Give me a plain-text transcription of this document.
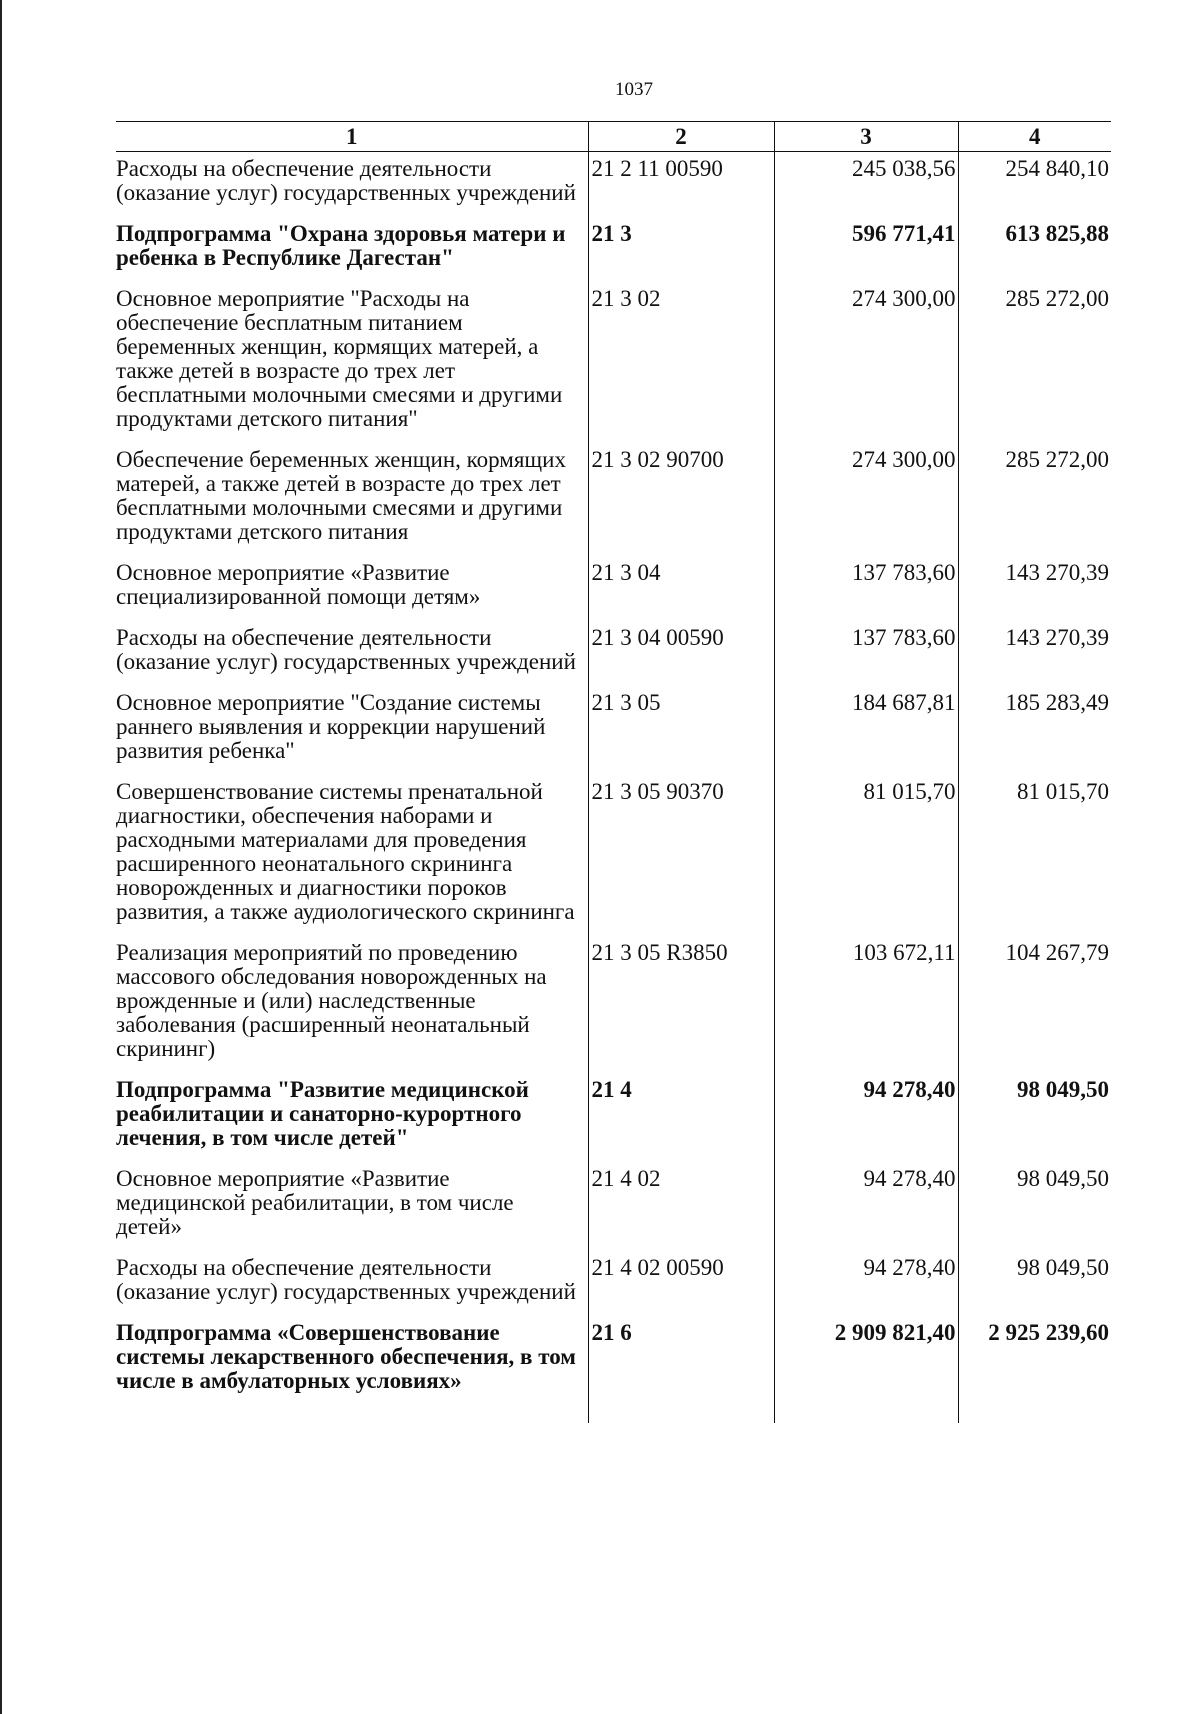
1037
1	2	3	4
Расходы на обеспечение деятельности (оказание услуг) государственных учреждений	21 2 11 00590	245 038,56	254 840,10
Подпрограмма "Охрана здоровья матери и ребенка в Республике Дагестан"	21 3	596 771,41	613 825,88
Основное мероприятие "Расходы на обеспечение бесплатным питанием беременных женщин, кормящих матерей, а также детей в возрасте до трех лет бесплатными молочными смесями и другими продуктами детского питания"	21 3 02	274 300,00	285 272,00
Обеспечение беременных женщин, кормящих матерей, а также детей в возрасте до трех лет бесплатными молочными смесями и другими продуктами детского питания	21 3 02 90700	274 300,00	285 272,00
Основное мероприятие «Развитие специализированной помощи детям»	21 3 04	137 783,60	143 270,39
Расходы на обеспечение деятельности (оказание услуг) государственных учреждений	21 3 04 00590	137 783,60	143 270,39
Основное мероприятие "Создание системы раннего выявления и коррекции нарушений развития ребенка"	21 3 05	184 687,81	185 283,49
Совершенствование системы пренатальной диагностики, обеспечения наборами и расходными материалами для проведения расширенного неонатального скрининга новорожденных и диагностики пороков развития, а также аудиологического скрининга	21 3 05 90370	81 015,70	81 015,70
Реализация мероприятий по проведению массового обследования новорожденных на врожденные и (или) наследственные заболевания (расширенный неонатальный скрининг)	21 3 05 R3850	103 672,11	104 267,79
Подпрограмма "Развитие медицинской реабилитации и санаторно-курортного лечения, в том числе детей"	21 4	94 278,40	98 049,50
Основное мероприятие «Развитие медицинской реабилитации, в том числе детей»	21 4 02	94 278,40	98 049,50
Расходы на обеспечение деятельности (оказание услуг) государственных учреждений	21 4 02 00590	94 278,40	98 049,50
Подпрограмма «Совершенствование системы лекарственного обеспечения, в том числе в амбулаторных условиях»	21 6	2 909 821,40	2 925 239,60
